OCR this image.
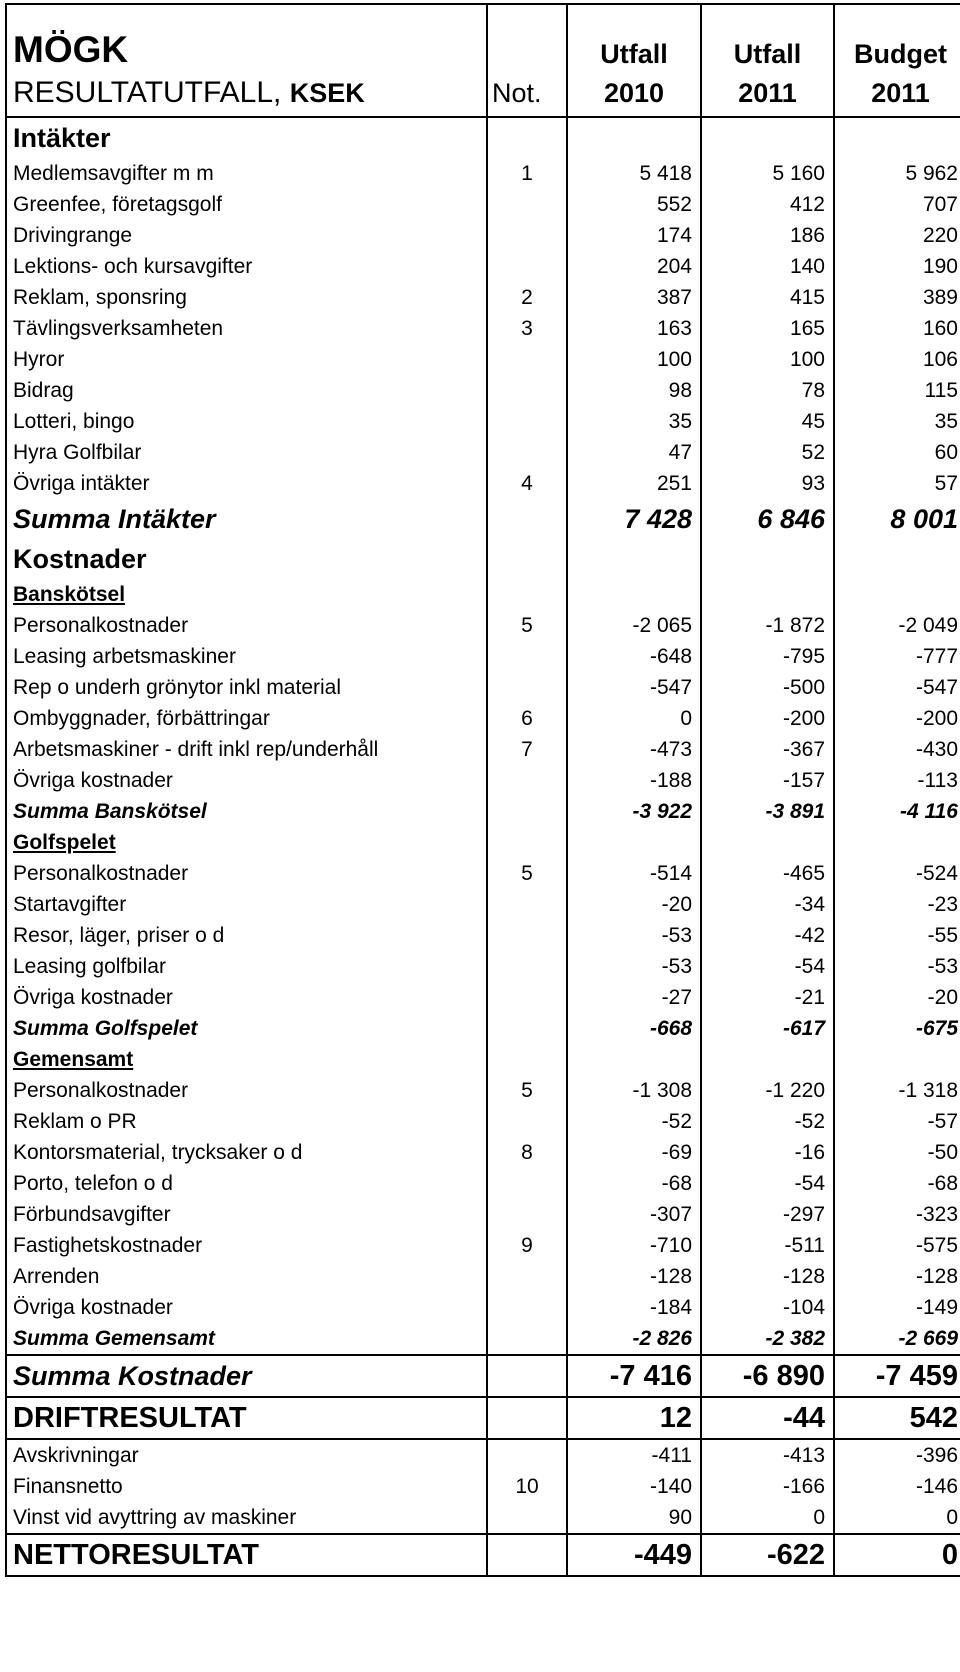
MÖGK		Utfall	Utfall	Budget
RESULTATUTFALL, KSEK	Not.	2010	2011	2011
Intäkter				
Medlemsavgifter m m	1	5 418	5 160	5 962
Greenfee, företagsgolf		552	412	707
Drivingrange		174	186	220
Lektions- och kursavgifter		204	140	190
Reklam, sponsring	2	387	415	389
Tävlingsverksamheten	3	163	165	160
Hyror		100	100	106
Bidrag		98	78	115
Lotteri, bingo		35	45	35
Hyra Golfbilar		47	52	60
Övriga intäkter	4	251	93	57
Summa Intäkter		7 428	6 846	8 001
Kostnader				
Banskötsel				
Personalkostnader	5	-2 065	-1 872	-2 049
Leasing arbetsmaskiner		-648	-795	-777
Rep o underh grönytor inkl material		-547	-500	-547
Ombyggnader, förbättringar	6	0	-200	-200
Arbetsmaskiner - drift inkl rep/underhåll	7	-473	-367	-430
Övriga kostnader		-188	-157	-113
Summa Banskötsel		-3 922	-3 891	-4 116
Golfspelet				
Personalkostnader	5	-514	-465	-524
Startavgifter		-20	-34	-23
Resor, läger, priser o d		-53	-42	-55
Leasing golfbilar		-53	-54	-53
Övriga kostnader		-27	-21	-20
Summa Golfspelet		-668	-617	-675
Gemensamt				
Personalkostnader	5	-1 308	-1 220	-1 318
Reklam o PR		-52	-52	-57
Kontorsmaterial, trycksaker o d	8	-69	-16	-50
Porto, telefon o d		-68	-54	-68
Förbundsavgifter		-307	-297	-323
Fastighetskostnader	9	-710	-511	-575
Arrenden		-128	-128	-128
Övriga kostnader		-184	-104	-149
Summa Gemensamt		-2 826	-2 382	-2 669
Summa Kostnader		-7 416	-6 890	-7 459
DRIFTRESULTAT		12	-44	542
Avskrivningar		-411	-413	-396
Finansnetto	10	-140	-166	-146
Vinst vid avyttring av maskiner		90	0	0
NETTORESULTAT		-449	-622	0
